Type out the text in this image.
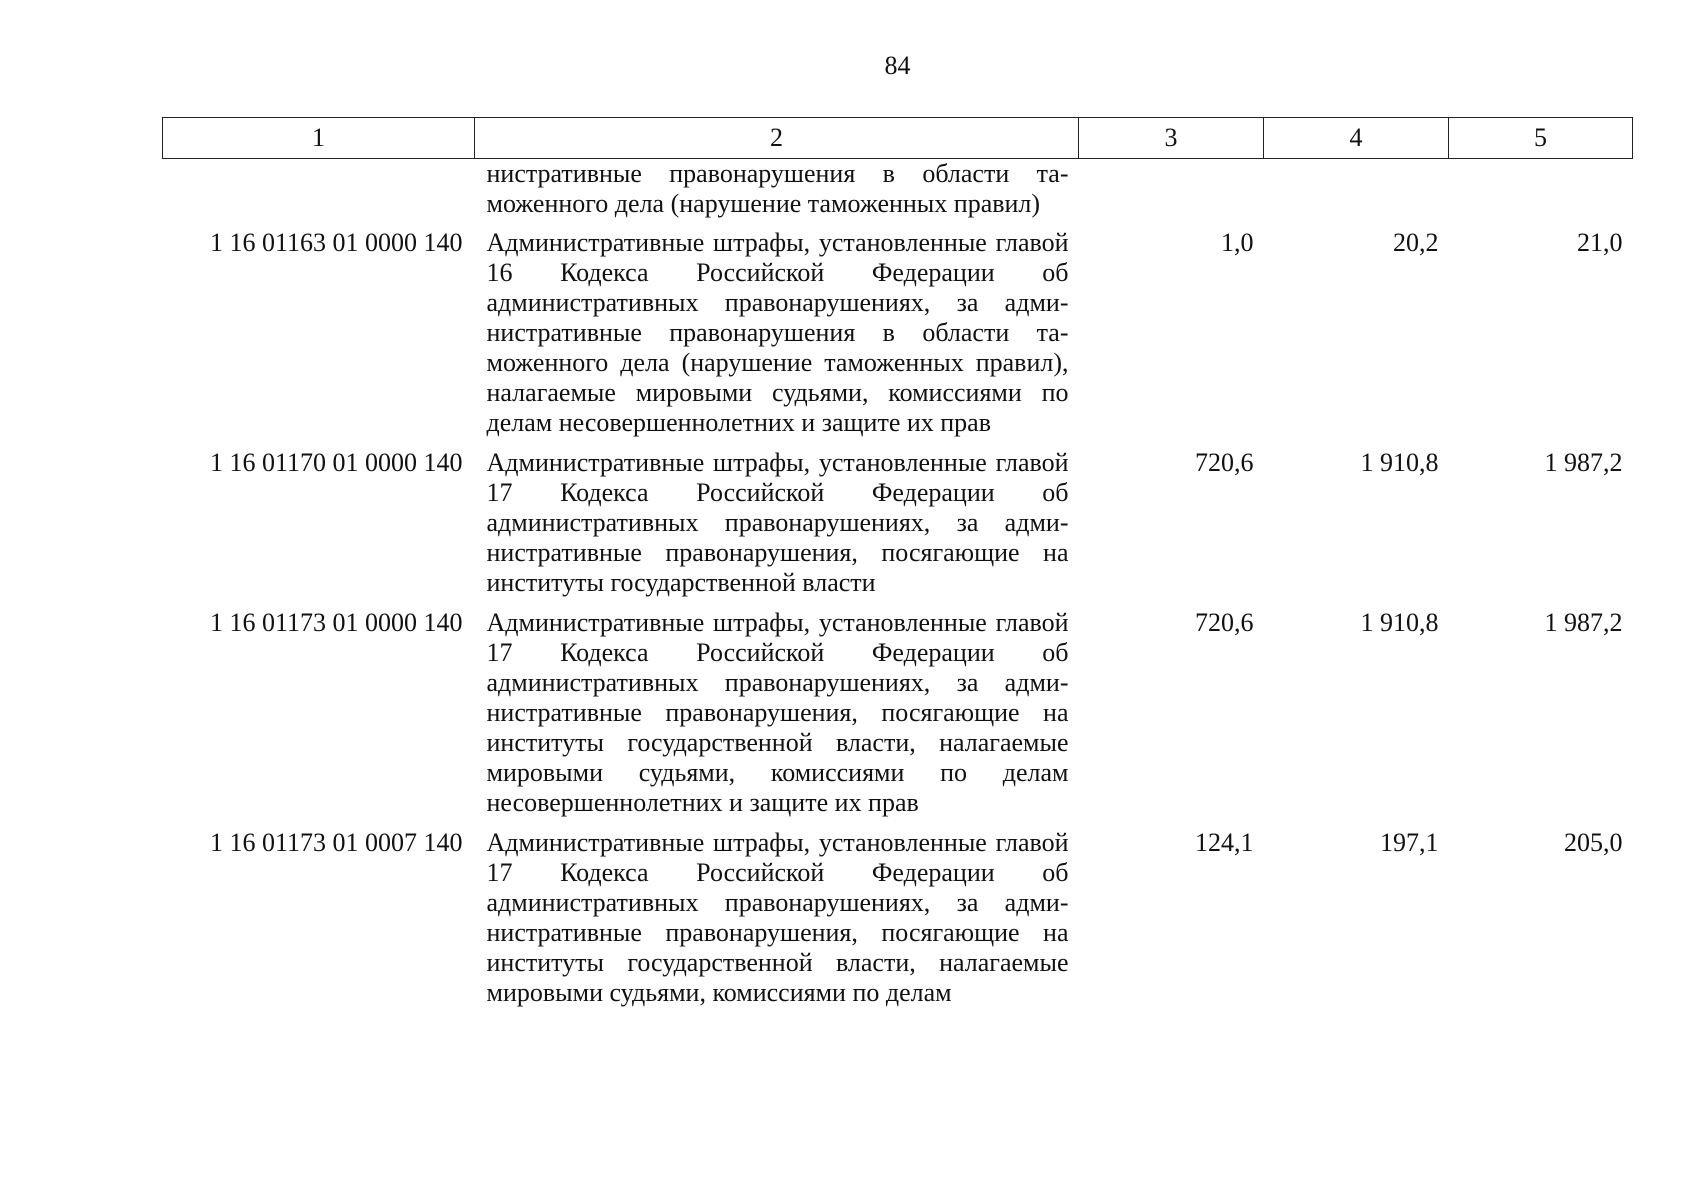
84
1	2	3	4	5

	нистративные правонарушения в области таможенного дела (нарушение таможенных правил)			

1 16 01163 01 0000 140	Административные штрафы, установленные главой 16 Кодекса Российской Федерации об административных правонарушениях, за административные правонарушения в области таможенного дела (нарушение таможенных правил), налагаемые мировыми судьями, комиссиями по делам несовершеннолетних и защите их прав	1,0	20,2	21,0
1 16 01170 01 0000 140	Административные штрафы, установленные главой 17 Кодекса Российской Федерации об административных правонарушениях, за административные правонарушения, посягающие на институты государственной власти	720,6	1 910,8	1 987,2
1 16 01173 01 0000 140	Административные штрафы, установленные главой 17 Кодекса Российской Федерации об административных правонарушениях, за административные правонарушения, посягающие на институты государственной власти, налагаемые мировыми судьями, комиссиями по делам несовершеннолетних и защите их прав	720,6	1 910,8	1 987,2
1 16 01173 01 0007 140	Административные штрафы, установленные главой 17 Кодекса Российской Федерации об административных правонарушениях, за административные правонарушения, посягающие на институты государственной власти, налагаемые мировыми судьями, комиссиями по делам	124,1	197,1	205,0
